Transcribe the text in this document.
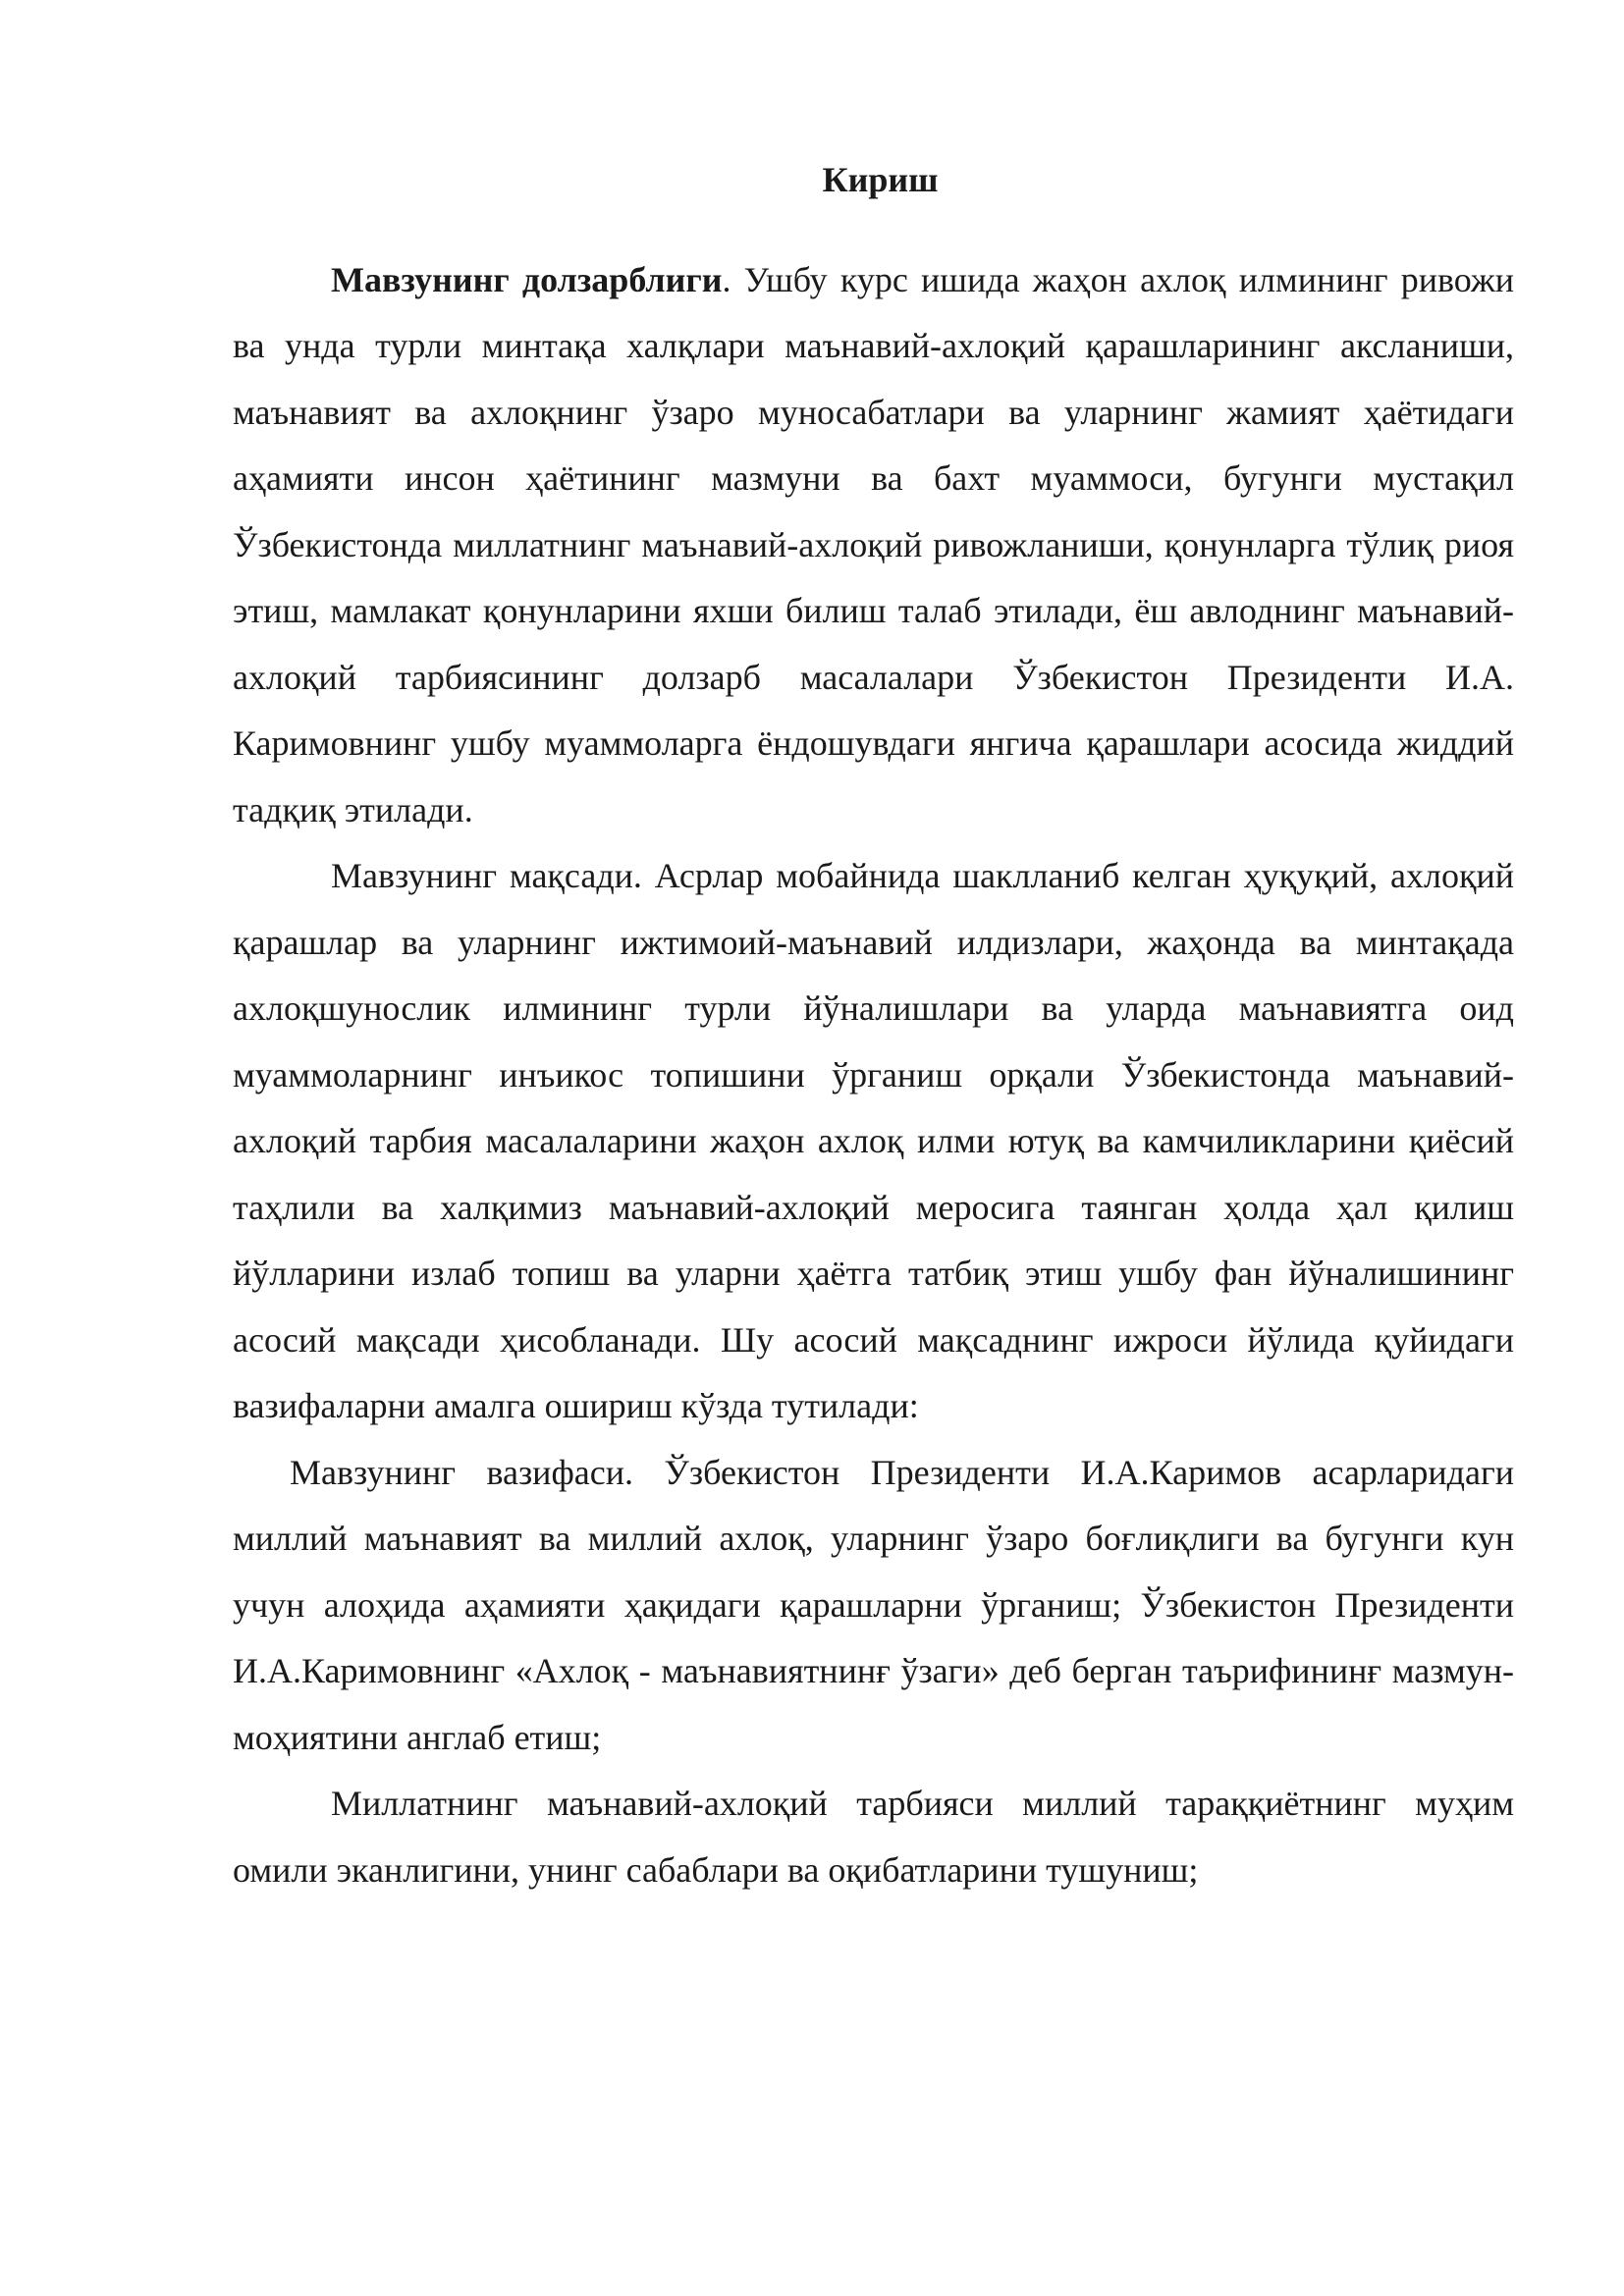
Кириш

Мавзунинг долзарблиги. Ушбу курс ишида жаҳон ахлоқ илмининг ривожи ва унда турли минтақа халқлари маънавий-ахлоқий қарашларининг аксланиши, маънавият ва ахлоқнинг ўзаро муносабатлари ва уларнинг жамият ҳаётидаги аҳамияти инсон ҳаётининг мазмуни ва бахт муаммоси, бугунги мустақил Ўзбекистонда миллатнинг маънавий-ахлоқий ривожланиши, қонунларга тўлиқ риоя этиш, мамлакат қонунларини яхши билиш талаб этилади, ёш авлоднинг маънавий-ахлоқий тарбиясининг долзарб масалалари Ўзбекистон Президенти И.А. Каримовнинг ушбу муаммоларга ёндошувдаги янгича қарашлари асосида жиддий тадқиқ этилади.

Мавзунинг мақсади. Асрлар мобайнида шаклланиб келган ҳуқуқий, ахлоқий қарашлар ва уларнинг ижтимоий-маънавий илдизлари, жаҳонда ва минтақада ахлоқшунослик илмининг турли йўналишлари ва уларда маънавиятга оид муаммоларнинг инъикос топишини ўрганиш орқали Ўзбекистонда маънавий-ахлоқий тарбия масалаларини жаҳон ахлоқ илми ютуқ ва камчиликларини қиёсий таҳлили ва халқимиз маънавий-ахлоқий меросига таянган ҳолда ҳал қилиш йўлларини излаб топиш ва уларни ҳаётга татбиқ этиш ушбу фан йўналишининг асосий мақсади ҳисобланади. Шу асосий мақсаднинг ижроси йўлида қуйидаги вазифаларни амалга ошириш кўзда тутилади:

Мавзунинг вазифаси. Ўзбекистон Президенти И.А.Каримов асарларидаги миллий маънавият ва миллий ахлоқ, уларнинг ўзаро боғлиқлиги ва бугунги кун учун алоҳида аҳамияти ҳақидаги қарашларни ўрганиш; Ўзбекистон Президенти И.А.Каримовнинг «Ахлоқ - маънавиятнинғ ўзаги» деб берган таърифининғ мазмун-моҳиятини англаб етиш;

Миллатнинг маънавий-ахлоқий тарбияси миллий тараққиётнинг муҳим омили эканлигини, унинг сабаблари ва оқибатларини тушуниш;
